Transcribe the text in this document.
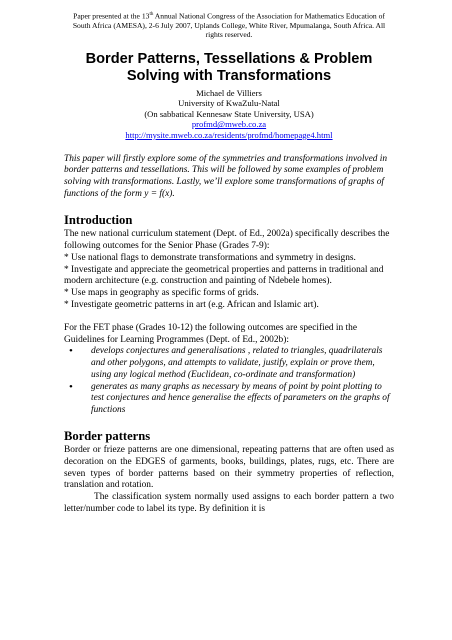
Paper presented at the 13th Annual National Congress of the Association for Mathematics Education of
South Africa (AMESA), 2-6 July 2007, Uplands College, White River, Mpumalanga, South Africa. All
rights reserved.
Border Patterns, Tessellations & Problem
Solving with Transformations
Michael de Villiers
University of KwaZulu-Natal
(On sabbatical Kennesaw State University, USA)
profmd@mweb.co.za
http://mysite.mweb.co.za/residents/profmd/homepage4.html

This paper will firstly explore some of the symmetries and transformations involved in border patterns and tessellations. This will be followed by some examples of problem solving with transformations. Lastly, we’ll explore some transformations of graphs of functions of the form y = f(x).

Introduction

The new national curriculum statement (Dept. of Ed., 2002a) specifically describes the following outcomes for the Senior Phase (Grades 7-9):

* Use national flags to demonstrate transformations and symmetry in designs.

* Investigate and appreciate the geometrical properties and patterns in traditional and modern architecture (e.g. construction and painting of Ndebele homes).

* Use maps in geography as specific forms of grids.

* Investigate geometric patterns in art (e.g. African and Islamic art).

For the FET phase (Grades 10-12) the following outcomes are specified in the Guidelines for Learning Programmes (Dept. of Ed., 2002b):

• develops conjectures and generalisations , related to triangles, quadrilaterals and other polygons, and attempts to validate, justify, explain or prove them, using any logical method (Euclidean, co-ordinate and transformation)
• generates as many graphs as necessary by means of point by point plotting to test conjectures and hence generalise the effects of parameters on the graphs of functions
Border patterns

Border or frieze patterns are one dimensional, repeating patterns that are often used as decoration on the EDGES of garments, books, buildings, plates, rugs, etc. There are seven types of border patterns based on their symmetry properties of reflection, translation and rotation.

The classification system normally used assigns to each border pattern a two letter/number code to label its type. By definition it is
